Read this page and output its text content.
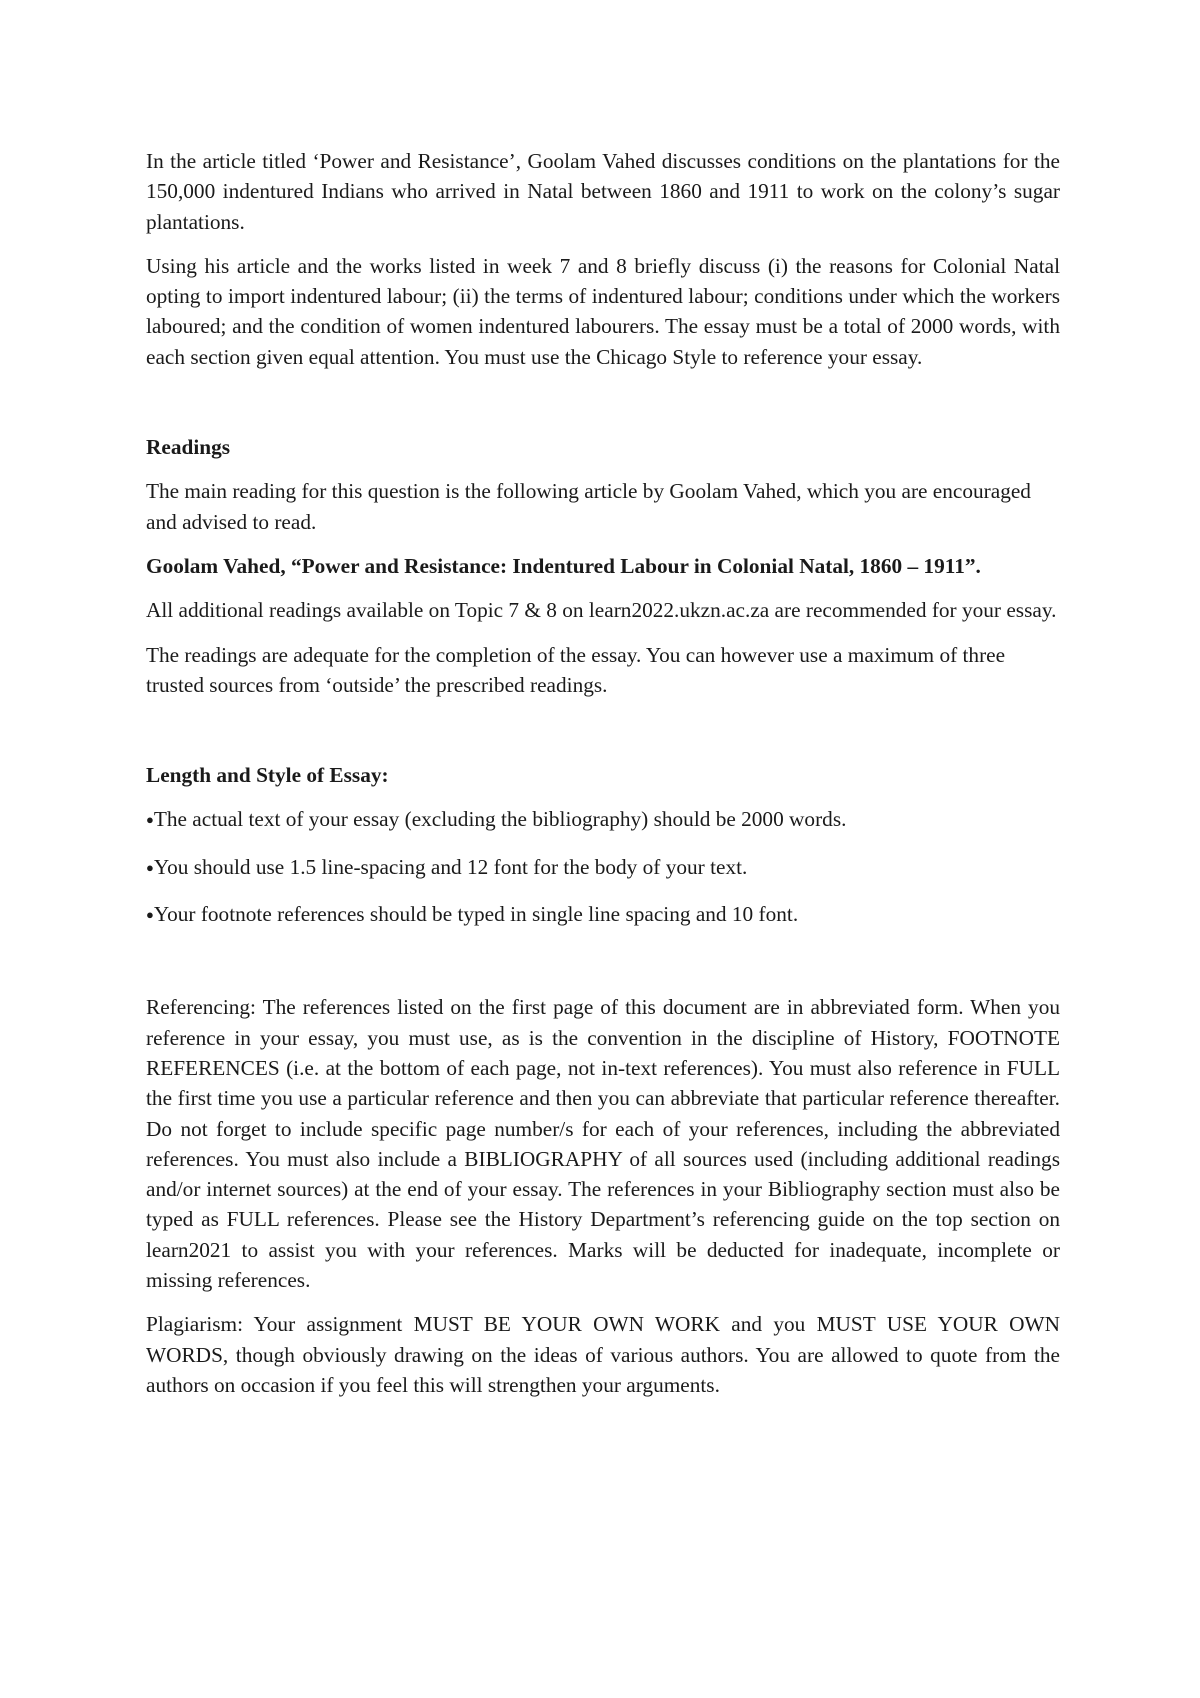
In the article titled ‘Power and Resistance’, Goolam Vahed discusses conditions on the plantations for the 150,000 indentured Indians who arrived in Natal between 1860 and 1911 to work on the colony’s sugar plantations.

Using his article and the works listed in week 7 and 8 briefly discuss (i) the reasons for Colonial Natal opting to import indentured labour; (ii) the terms of indentured labour; conditions under which the workers laboured; and the condition of women indentured labourers. The essay must be a total of 2000 words, with each section given equal attention. You must use the Chicago Style to reference your essay.

Readings

The main reading for this question is the following article by Goolam Vahed, which you are encouraged and advised to read.

Goolam Vahed, “Power and Resistance: Indentured Labour in Colonial Natal, 1860 – 1911”.

All additional readings available on Topic 7 & 8 on learn2022.ukzn.ac.za are recommended for your essay.

The readings are adequate for the completion of the essay. You can however use a maximum of three trusted sources from ‘outside’ the prescribed readings.

Length and Style of Essay:

●The actual text of your essay (excluding the bibliography) should be 2000 words.

●You should use 1.5 line-spacing and 12 font for the body of your text.

●Your footnote references should be typed in single line spacing and 10 font.

Referencing: The references listed on the first page of this document are in abbreviated form. When you reference in your essay, you must use, as is the convention in the discipline of History, FOOTNOTE REFERENCES (i.e. at the bottom of each page, not in-text references). You must also reference in FULL the first time you use a particular reference and then you can abbreviate that particular reference thereafter. Do not forget to include specific page number/s for each of your references, including the abbreviated references. You must also include a BIBLIOGRAPHY of all sources used (including additional readings and/or internet sources) at the end of your essay. The references in your Bibliography section must also be typed as FULL references. Please see the History Department’s referencing guide on the top section on learn2021 to assist you with your references. Marks will be deducted for inadequate, incomplete or missing references.

Plagiarism: Your assignment MUST BE YOUR OWN WORK and you MUST USE YOUR OWN WORDS, though obviously drawing on the ideas of various authors. You are allowed to quote from the authors on occasion if you feel this will strengthen your arguments.
